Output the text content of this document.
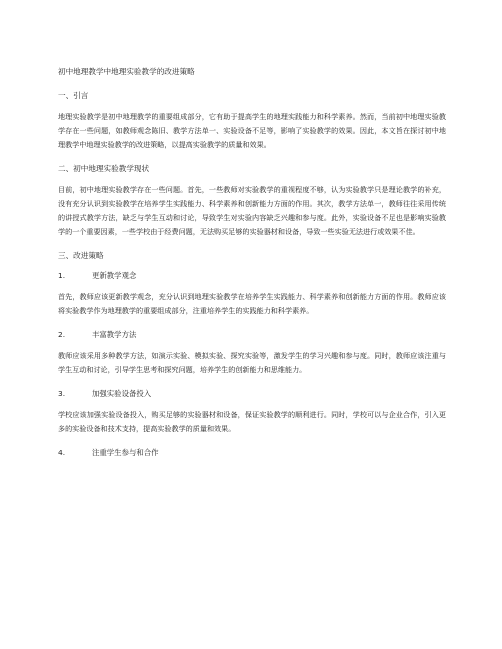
初中地理教学中地理实验教学的改进策略

一、引言

地理实验教学是初中地理教学的重要组成部分，它有助于提高学生的地理实践能力和科学素养。然而，当前初中地理实验教学存在一些问题，如教师观念陈旧、教学方法单一、实验设备不足等，影响了实验教学的效果。因此，本文旨在探讨初中地理教学中地理实验教学的改进策略，以提高实验教学的质量和效果。

二、初中地理实验教学现状

目前，初中地理实验教学存在一些问题。首先，一些教师对实验教学的重视程度不够，认为实验教学只是理论教学的补充，没有充分认识到实验教学在培养学生实践能力、科学素养和创新能力方面的作用。其次，教学方法单一，教师往往采用传统的讲授式教学方法，缺乏与学生互动和讨论，导致学生对实验内容缺乏兴趣和参与度。此外，实验设备不足也是影响实验教学的一个重要因素，一些学校由于经费问题，无法购买足够的实验器材和设备，导致一些实验无法进行或效果不佳。

三、改进策略

1.	更新教学观念

首先，教师应该更新教学观念，充分认识到地理实验教学在培养学生实践能力、科学素养和创新能力方面的作用。教师应该将实验教学作为地理教学的重要组成部分，注重培养学生的实践能力和科学素养。

2.	丰富教学方法

教师应该采用多种教学方法，如演示实验、模拟实验、探究实验等，激发学生的学习兴趣和参与度。同时，教师应该注重与学生互动和讨论，引导学生思考和探究问题，培养学生的创新能力和思维能力。

3.	加强实验设备投入

学校应该加强实验设备投入，购买足够的实验器材和设备，保证实验教学的顺利进行。同时，学校可以与企业合作，引入更多的实验设备和技术支持，提高实验教学的质量和效果。

4.	注重学生参与和合作
